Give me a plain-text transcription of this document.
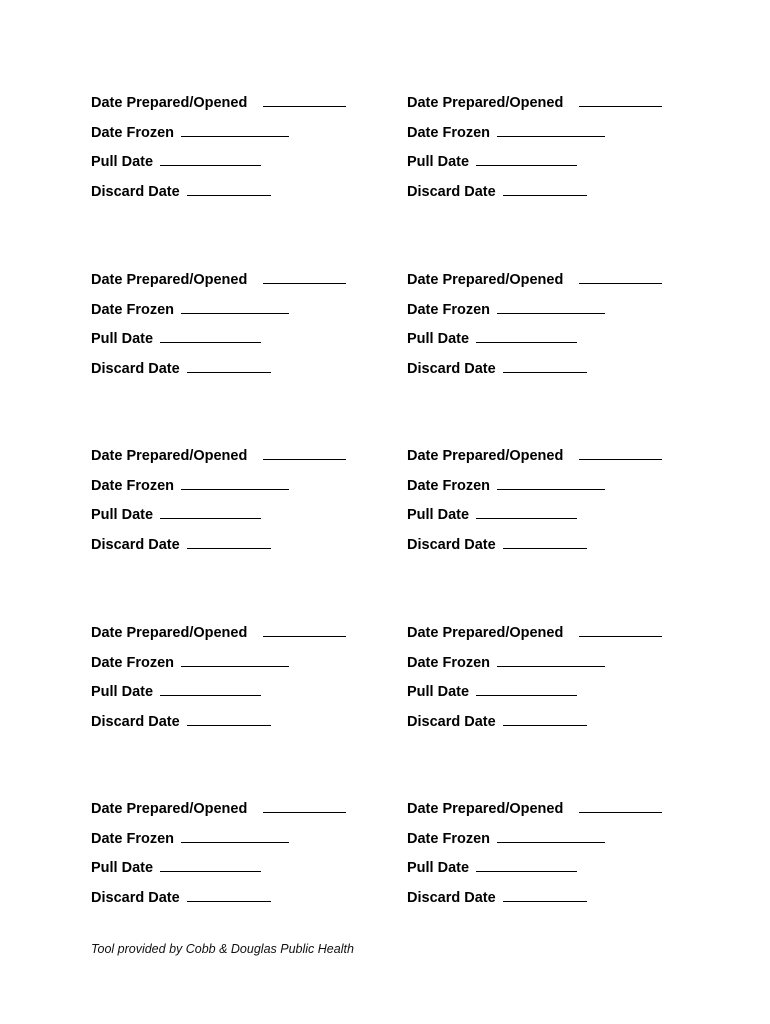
Date Prepared/Opened
Date Frozen
Pull Date
Discard Date
Date Prepared/Opened
Date Frozen
Pull Date
Discard Date
Date Prepared/Opened
Date Frozen
Pull Date
Discard Date
Date Prepared/Opened
Date Frozen
Pull Date
Discard Date
Date Prepared/Opened
Date Frozen
Pull Date
Discard Date
Date Prepared/Opened
Date Frozen
Pull Date
Discard Date
Date Prepared/Opened
Date Frozen
Pull Date
Discard Date
Date Prepared/Opened
Date Frozen
Pull Date
Discard Date
Date Prepared/Opened
Date Frozen
Pull Date
Discard Date
Date Prepared/Opened
Date Frozen
Pull Date
Discard Date
Tool provided by Cobb & Douglas Public Health
